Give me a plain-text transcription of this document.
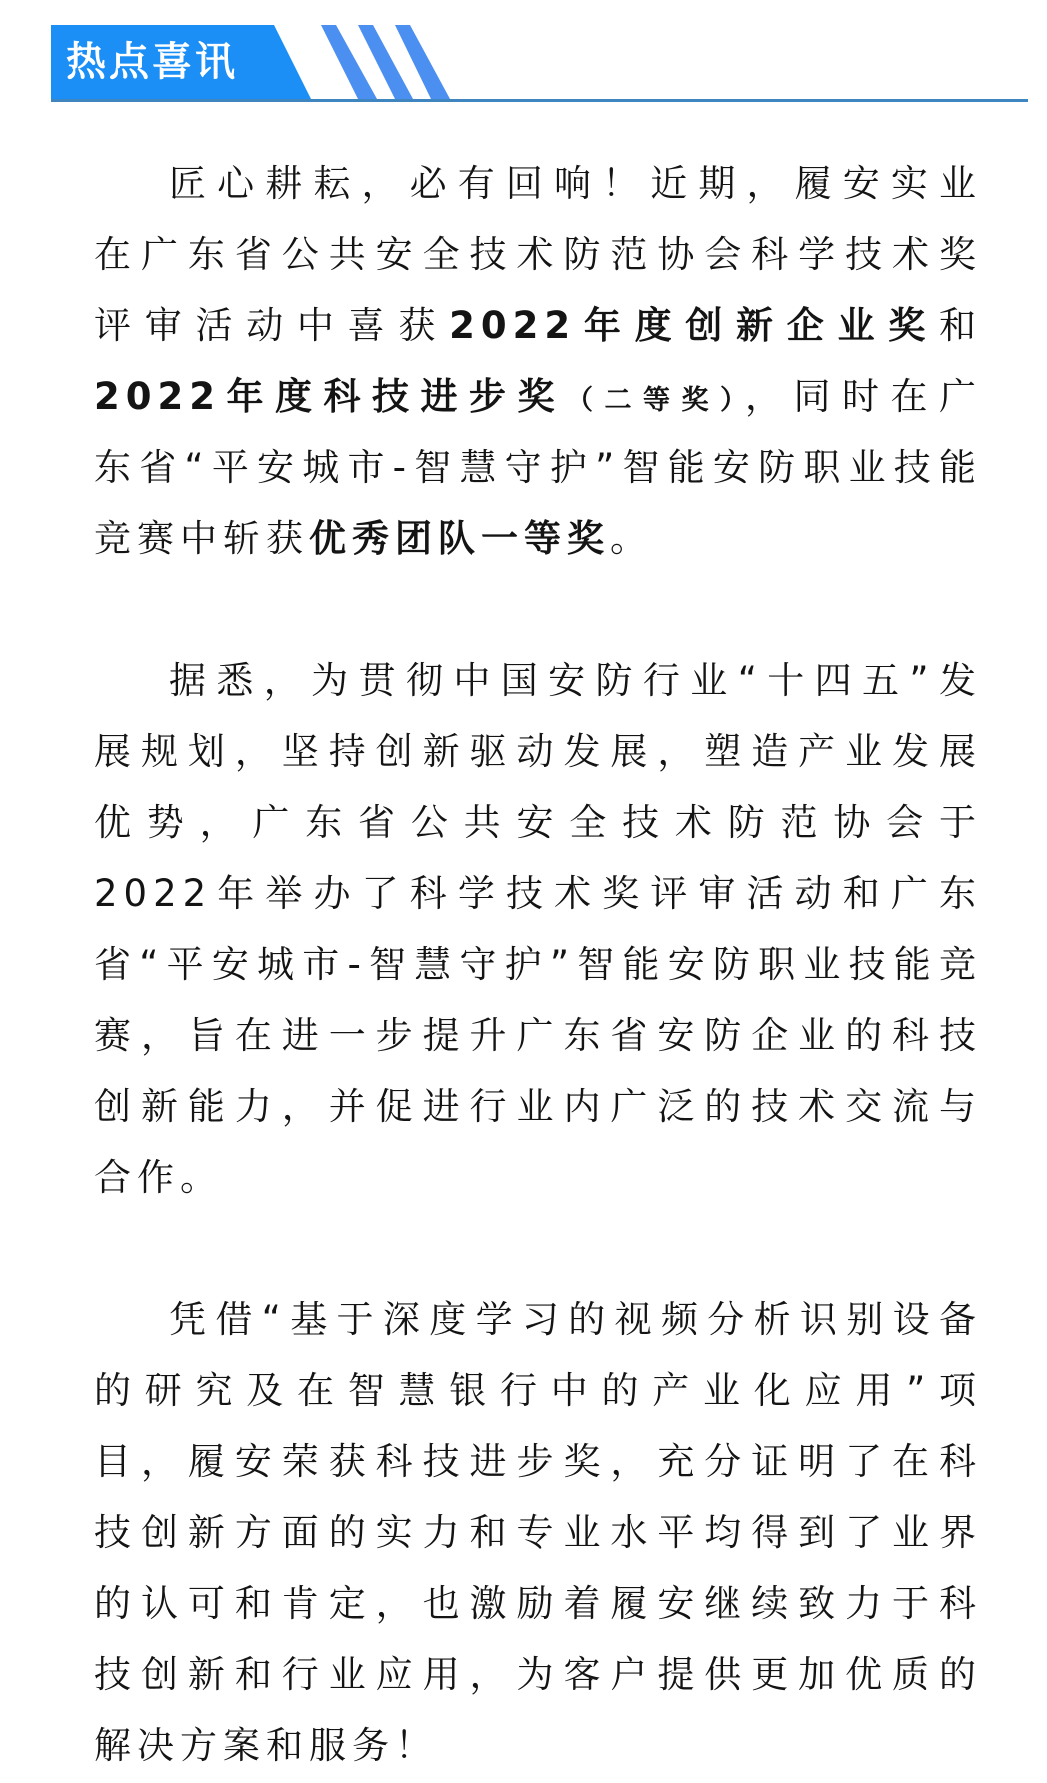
热点喜讯
匠心耕耘，必有回响！近期，履安实业
在广东省公共安全技术防范协会科学技术奖
评审活动中喜获2022年度创新企业奖和
2022年度科技进步奖（二等奖），同时在广
东省“平安城市-智慧守护”智能安防职业技能
竞赛中斩获优秀团队一等奖。
据悉，为贯彻中国安防行业“十四五”发
展规划，坚持创新驱动发展，塑造产业发展
优势，广东省公共安全技术防范协会于
2022年举办了科学技术奖评审活动和广东
省“平安城市-智慧守护”智能安防职业技能竞
赛，旨在进一步提升广东省安防企业的科技
创新能力，并促进行业内广泛的技术交流与
合作。
凭借“基于深度学习的视频分析识别设备
的研究及在智慧银行中的产业化应用”项
目，履安荣获科技进步奖，充分证明了在科
技创新方面的实力和专业水平均得到了业界
的认可和肯定，也激励着履安继续致力于科
技创新和行业应用，为客户提供更加优质的
解决方案和服务！
